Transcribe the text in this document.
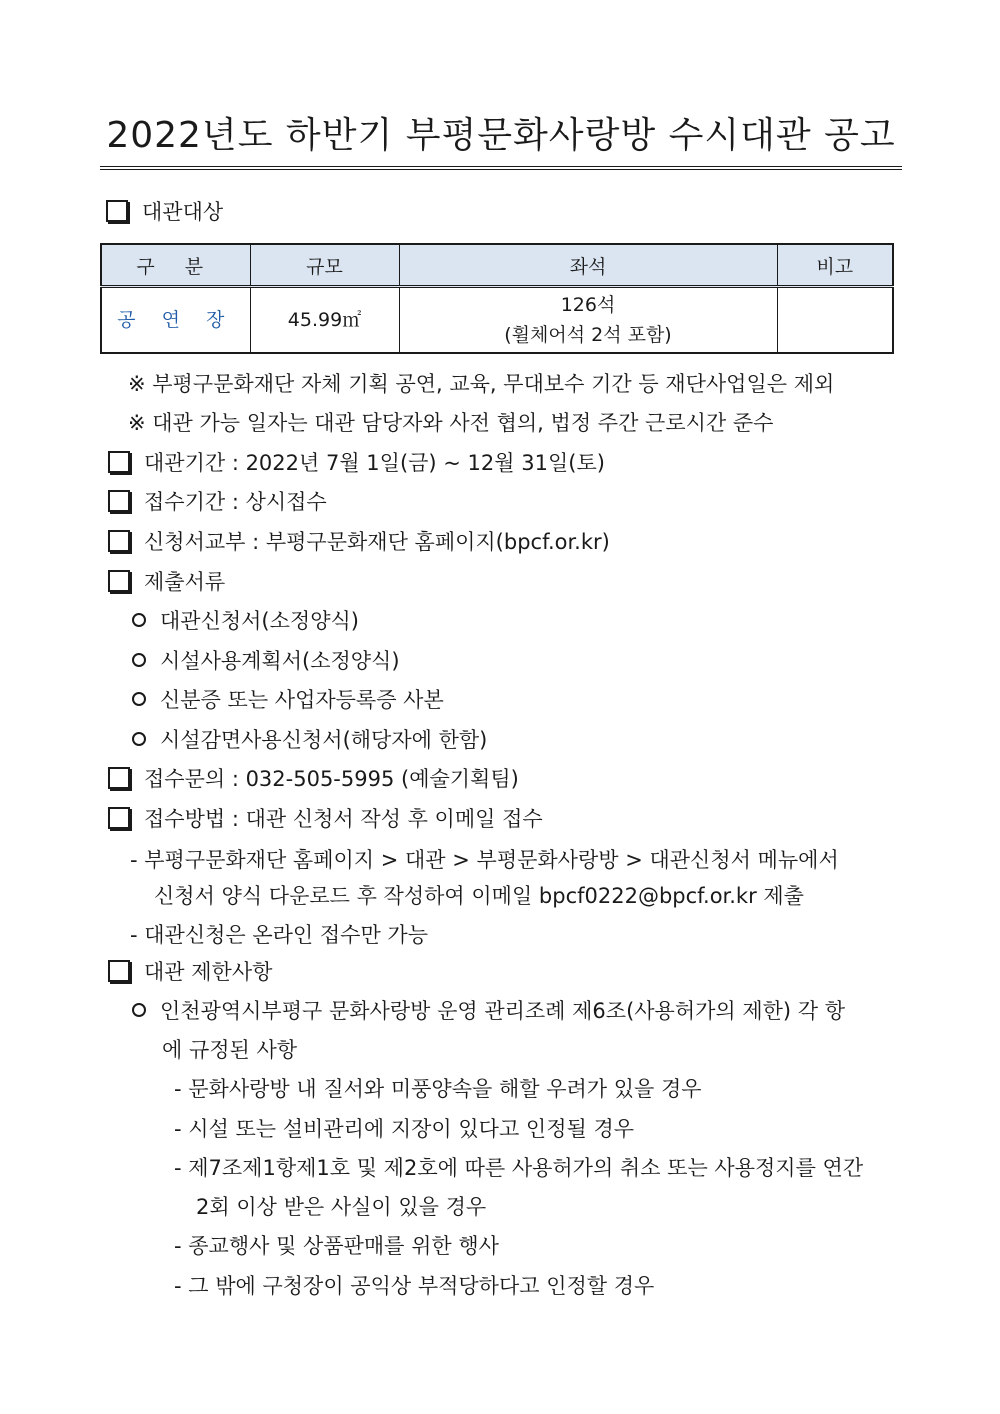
2022년도 하반기 부평문화사랑방 수시대관 공고
대관대상
구 분	규모	좌석	비고
공 연 장	45.99㎡	126석
(휠체어석 2석 포함)	

※ 부평구문화재단 자체 기획 공연, 교육, 무대보수 기간 등 재단사업일은 제외
※ 대관 가능 일자는 대관 담당자와 사전 협의, 법정 주간 근로시간 준수
대관기간 : 2022년 7월 1일(금) ~ 12월 31일(토)
접수기간 : 상시접수
신청서교부 : 부평구문화재단 홈페이지(bpcf.or.kr)
제출서류
대관신청서(소정양식)
시설사용계획서(소정양식)
신분증 또는 사업자등록증 사본
시설감면사용신청서(해당자에 한함)
접수문의 : 032-505-5995 (예술기획팀)
접수방법 : 대관 신청서 작성 후 이메일 접수
- 부평구문화재단 홈페이지 > 대관 > 부평문화사랑방 > 대관신청서 메뉴에서
신청서 양식 다운로드 후 작성하여 이메일 bpcf0222@bpcf.or.kr 제출
- 대관신청은 온라인 접수만 가능
대관 제한사항
인천광역시부평구 문화사랑방 운영 관리조례 제6조(사용허가의 제한) 각 항
에 규정된 사항
- 문화사랑방 내 질서와 미풍양속을 해할 우려가 있을 경우
- 시설 또는 설비관리에 지장이 있다고 인정될 경우
- 제7조제1항제1호 및 제2호에 따른 사용허가의 취소 또는 사용정지를 연간
2회 이상 받은 사실이 있을 경우
- 종교행사 및 상품판매를 위한 행사
- 그 밖에 구청장이 공익상 부적당하다고 인정할 경우
